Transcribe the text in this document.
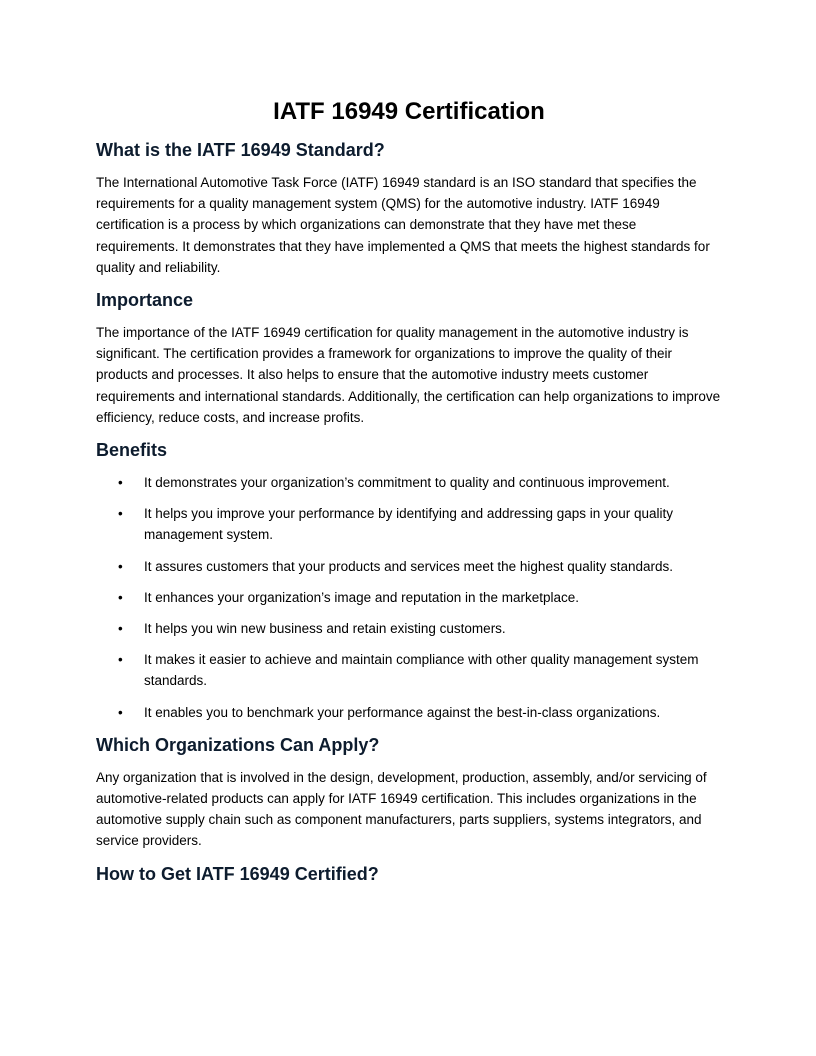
IATF 16949 Certification
What is the IATF 16949 Standard?

The International Automotive Task Force (IATF) 16949 standard is an ISO standard that specifies the requirements for a quality management system (QMS) for the automotive industry. IATF 16949 certification is a process by which organizations can demonstrate that they have met these requirements. It demonstrates that they have implemented a QMS that meets the highest standards for quality and reliability.

Importance

The importance of the IATF 16949 certification for quality management in the automotive industry is significant. The certification provides a framework for organizations to improve the quality of their products and processes. It also helps to ensure that the automotive industry meets customer requirements and international standards. Additionally, the certification can help organizations to improve efficiency, reduce costs, and increase profits.

Benefits
• It demonstrates your organization’s commitment to quality and continuous improvement.
• It helps you improve your performance by identifying and addressing gaps in your quality management system.
• It assures customers that your products and services meet the highest quality standards.
• It enhances your organization’s image and reputation in the marketplace.
• It helps you win new business and retain existing customers.
• It makes it easier to achieve and maintain compliance with other quality management system standards.
• It enables you to benchmark your performance against the best-in-class organizations.
Which Organizations Can Apply?

Any organization that is involved in the design, development, production, assembly, and/or servicing of automotive-related products can apply for IATF 16949 certification. This includes organizations in the automotive supply chain such as component manufacturers, parts suppliers, systems integrators, and service providers.

How to Get IATF 16949 Certified?
